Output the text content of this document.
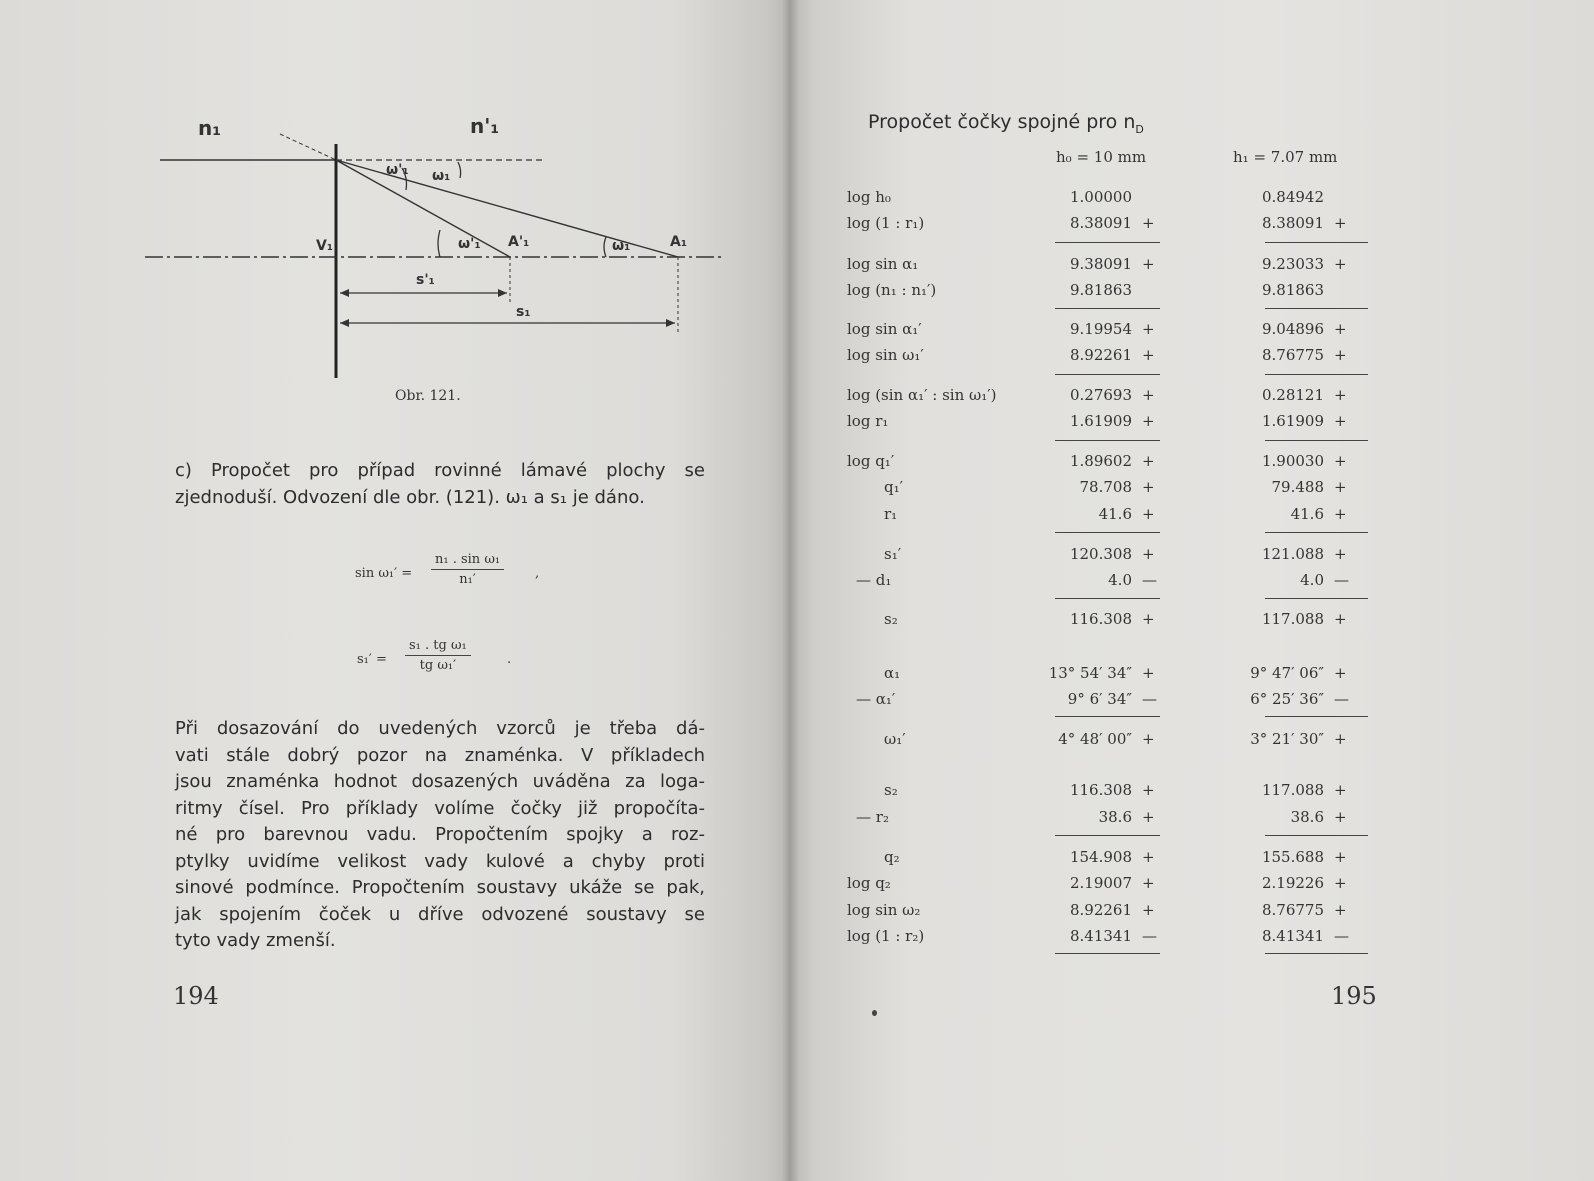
n₁	n'₁
ω'₁ ω₁
V₁	ω'₁ A'₁	ω₁	A₁
s'₁
s₁
Obr. 121.
c) Propočet pro případ rovinné lámavé plochy se
zjednoduší. Odvození dle obr. (121). ω₁ a s₁ je dáno.
$\sin \omega_1' = \frac{\text{n₁ . sin ω₁}}{\text{n₁′}}$ ,
$s_1' = \frac{\text{s₁ . tg ω₁}}{\text{tg ω₁′}}$	.
Při dosazování do uvedených vzorců je třeba dá-
vati stále dobrý pozor na znaménka. V příkladech
jsou znaménka hodnot dosazených uváděna za loga-
ritmy čísel. Pro příklady volíme čočky již propočíta-
né pro barevnou vadu. Propočtením spojky a roz-
ptylky uvidíme velikost vady kulové a chyby proti
sinové podmínce. Propočtením soustavy ukáže se pak,
jak spojením čoček u dříve odvozené soustavy se
tyto vady zmenší.
194
Propočet čočky spojné pro $n_D$
h₀ = 10 mm	h₁ = 7.07 mm
log h₀	1.00000	0.84942
log (1 : r₁)	8.38091 +	8.38091 +
log sin α₁	9.38091 +	9.23033 +
log (n₁ : n₁′)	9.81863	9.81863
log sin α₁′	9.19954 +	9.04896 +
log sin ω₁′	8.92261 +	8.76775 +
log (sin α₁′ : sin ω₁′)	0.27693 +	0.28121 +
log r₁	1.61909 +	1.61909 +
log q₁′	1.89602 +	1.90030 +
q₁′	78.708 +	79.488 +
r₁	41.6 +	41.6 +
s₁′	120.308 +	121.088 +
— d₁	4.0 —	4.0 —
s₂	116.308 +	117.088 +
α₁	13° 54′ 34″ +	9° 47′ 06″ +
— α₁′	9° 6′ 34″ —	6° 25′ 36″ —
ω₁′	4° 48′ 00″ +	3° 21′ 30″ +
s₂	116.308 +	117.088 +
— r₂	38.6 +	38.6 +
q₂	154.908 +	155.688 +
log q₂	2.19007 +	2.19226 +
log sin ω₂	8.92261 +	8.76775 +
log (1 : r₂)	8.41341 —	8.41341 —
195
